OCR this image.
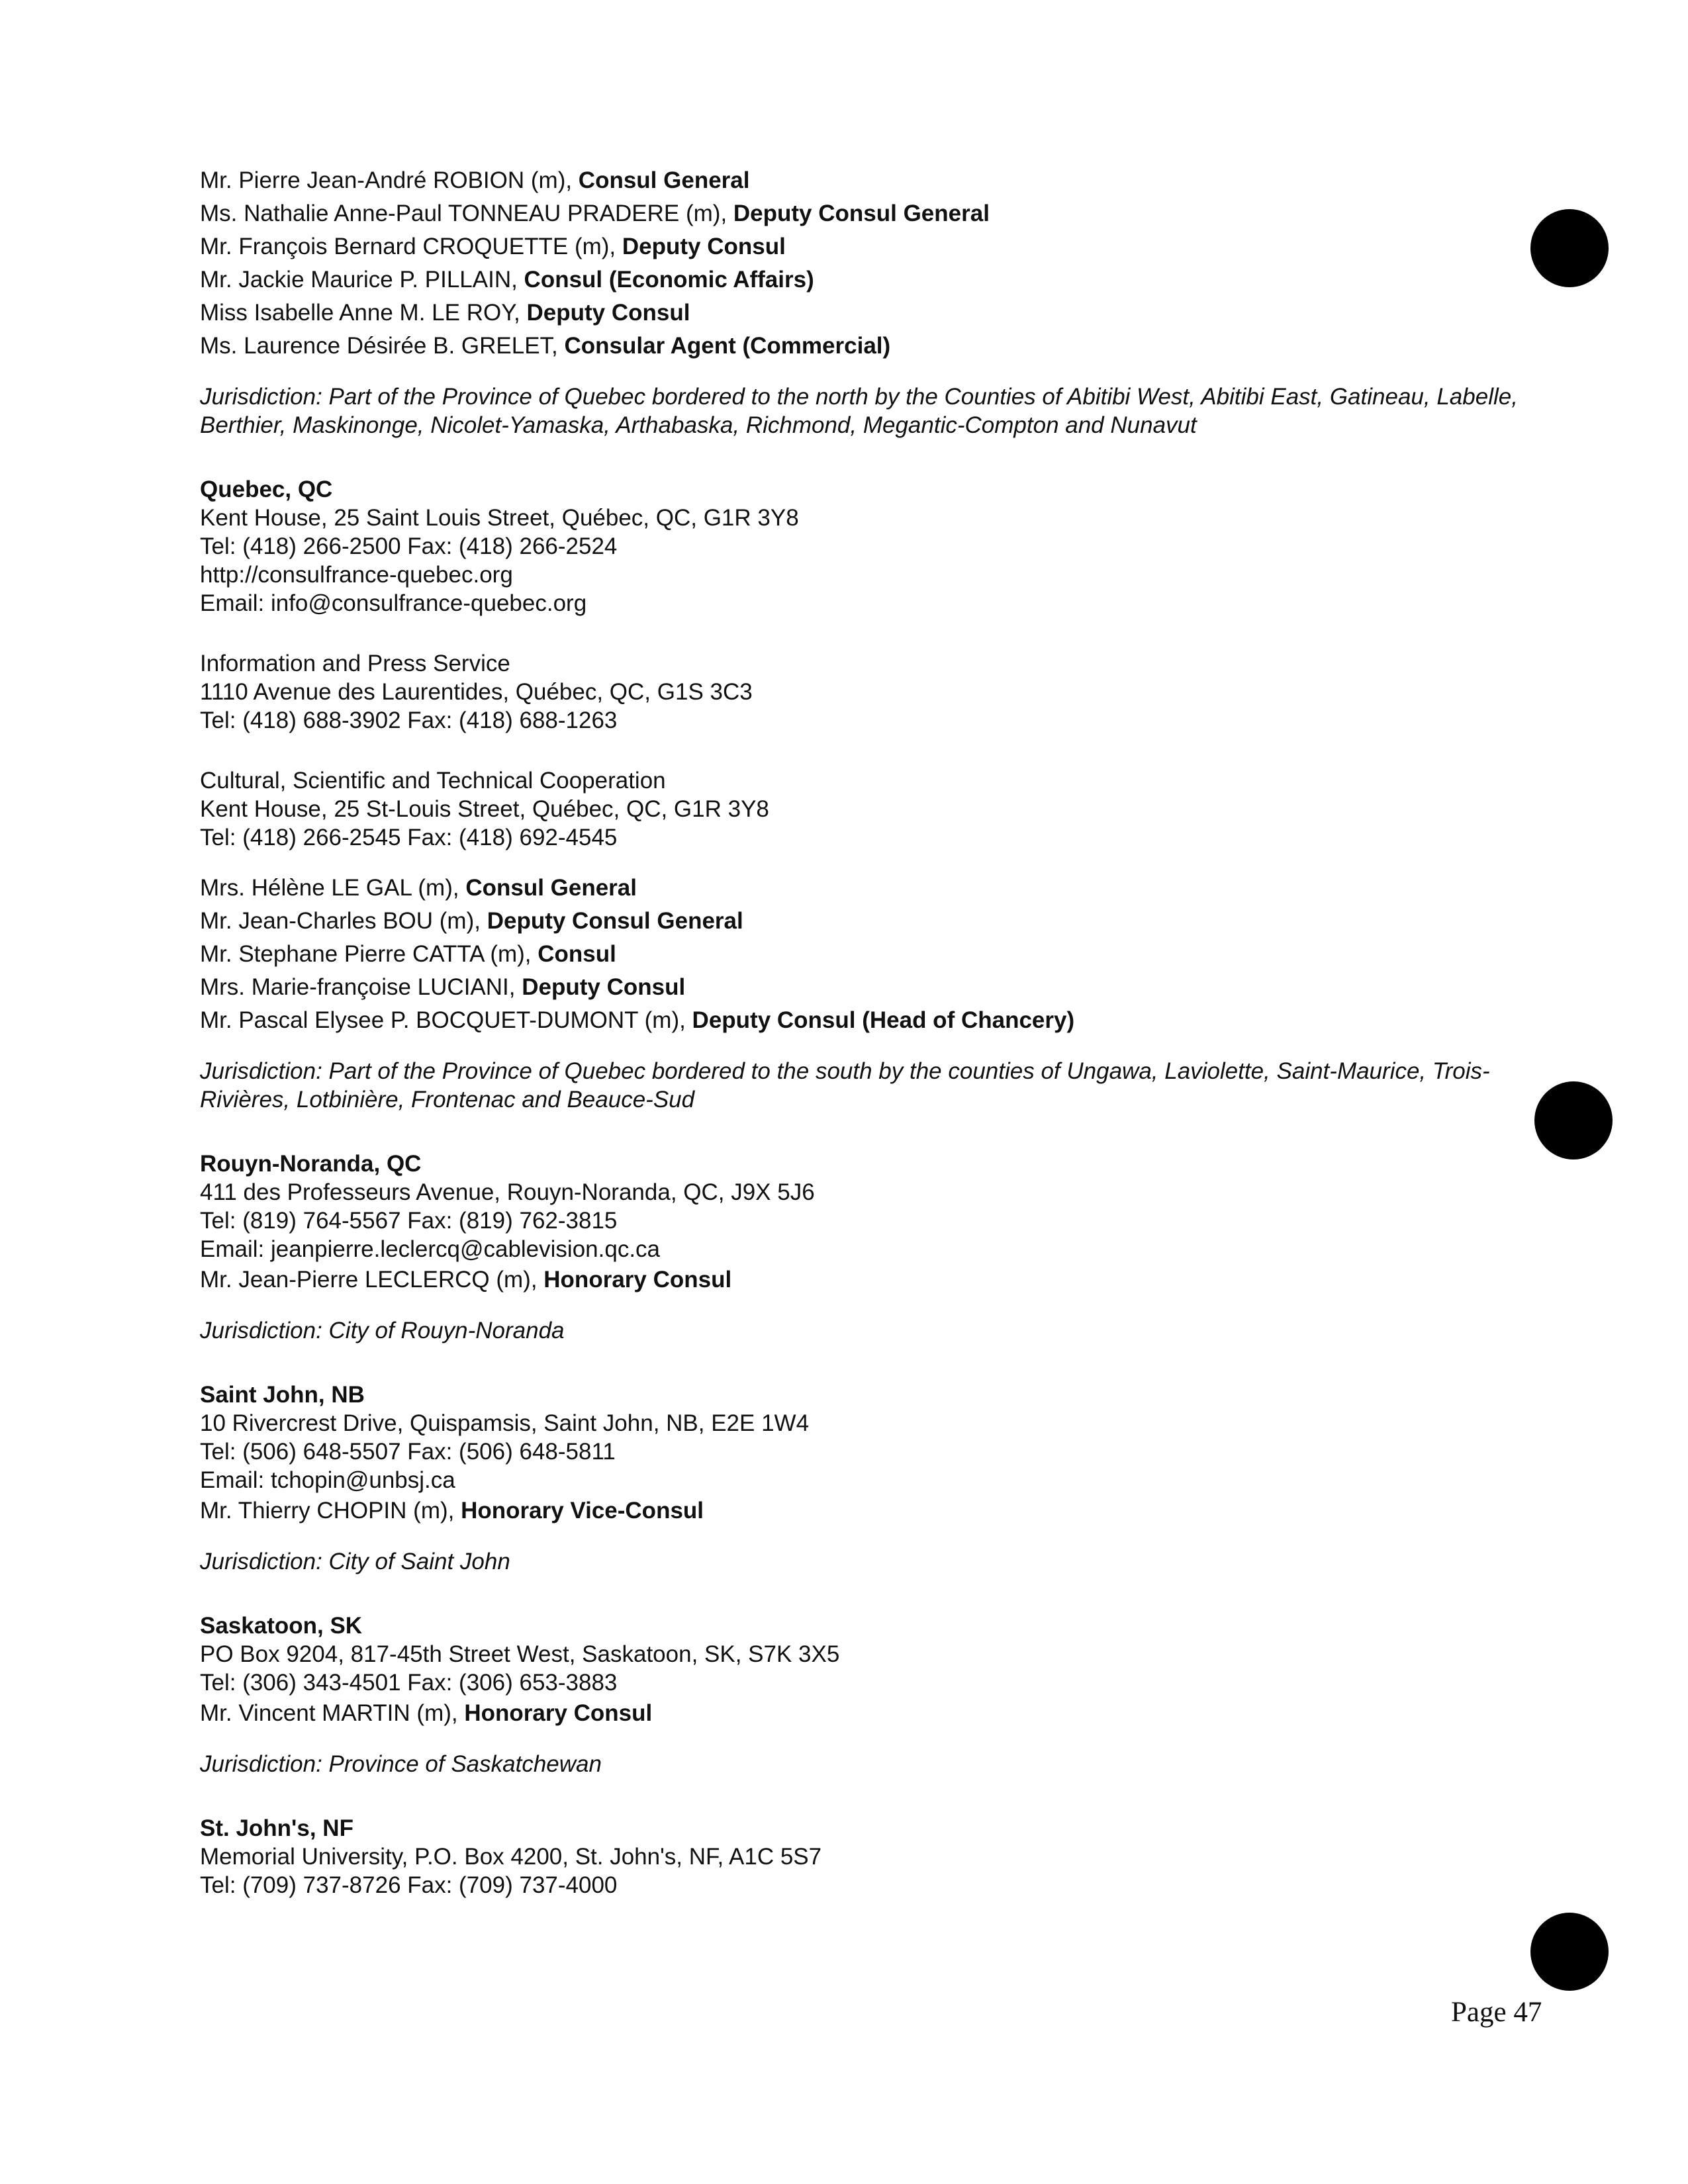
Mr. Pierre Jean-André ROBION (m), Consul General
Ms. Nathalie Anne-Paul TONNEAU PRADERE (m), Deputy Consul General
Mr. François Bernard CROQUETTE (m), Deputy Consul
Mr. Jackie Maurice P. PILLAIN, Consul (Economic Affairs)
Miss Isabelle Anne M. LE ROY, Deputy Consul
Ms. Laurence Désirée B. GRELET, Consular Agent (Commercial)
Jurisdiction: Part of the Province of Quebec bordered to the north by the Counties of Abitibi West, Abitibi East, Gatineau, Labelle, Berthier, Maskinonge, Nicolet-Yamaska, Arthabaska, Richmond, Megantic-Compton and Nunavut
Quebec, QC
Kent House, 25 Saint Louis Street, Québec, QC, G1R 3Y8
Tel: (418) 266-2500 Fax: (418) 266-2524
http://consulfrance-quebec.org
Email: info@consulfrance-quebec.org
Information and Press Service
1110 Avenue des Laurentides, Québec, QC, G1S 3C3
Tel: (418) 688-3902 Fax: (418) 688-1263
Cultural, Scientific and Technical Cooperation
Kent House, 25 St-Louis Street, Québec, QC, G1R 3Y8
Tel: (418) 266-2545 Fax: (418) 692-4545
Mrs. Hélène LE GAL (m), Consul General
Mr. Jean-Charles BOU (m), Deputy Consul General
Mr. Stephane Pierre CATTA (m), Consul
Mrs. Marie-françoise LUCIANI, Deputy Consul
Mr. Pascal Elysee P. BOCQUET-DUMONT (m), Deputy Consul (Head of Chancery)
Jurisdiction: Part of the Province of Quebec bordered to the south by the counties of Ungawa, Laviolette, Saint-Maurice, Trois-Rivières, Lotbinière, Frontenac and Beauce-Sud
Rouyn-Noranda, QC
411 des Professeurs Avenue, Rouyn-Noranda, QC, J9X 5J6
Tel: (819) 764-5567 Fax: (819) 762-3815
Email: jeanpierre.leclercq@cablevision.qc.ca
Mr. Jean-Pierre LECLERCQ (m), Honorary Consul
Jurisdiction: City of Rouyn-Noranda
Saint John, NB
10 Rivercrest Drive, Quispamsis, Saint John, NB, E2E 1W4
Tel: (506) 648-5507 Fax: (506) 648-5811
Email: tchopin@unbsj.ca
Mr. Thierry CHOPIN (m), Honorary Vice-Consul
Jurisdiction: City of Saint John
Saskatoon, SK
PO Box 9204, 817-45th Street West, Saskatoon, SK, S7K 3X5
Tel: (306) 343-4501 Fax: (306) 653-3883
Mr. Vincent MARTIN (m), Honorary Consul
Jurisdiction: Province of Saskatchewan
St. John's, NF
Memorial University, P.O. Box 4200, St. John's, NF, A1C 5S7
Tel: (709) 737-8726 Fax: (709) 737-4000
Page 47
